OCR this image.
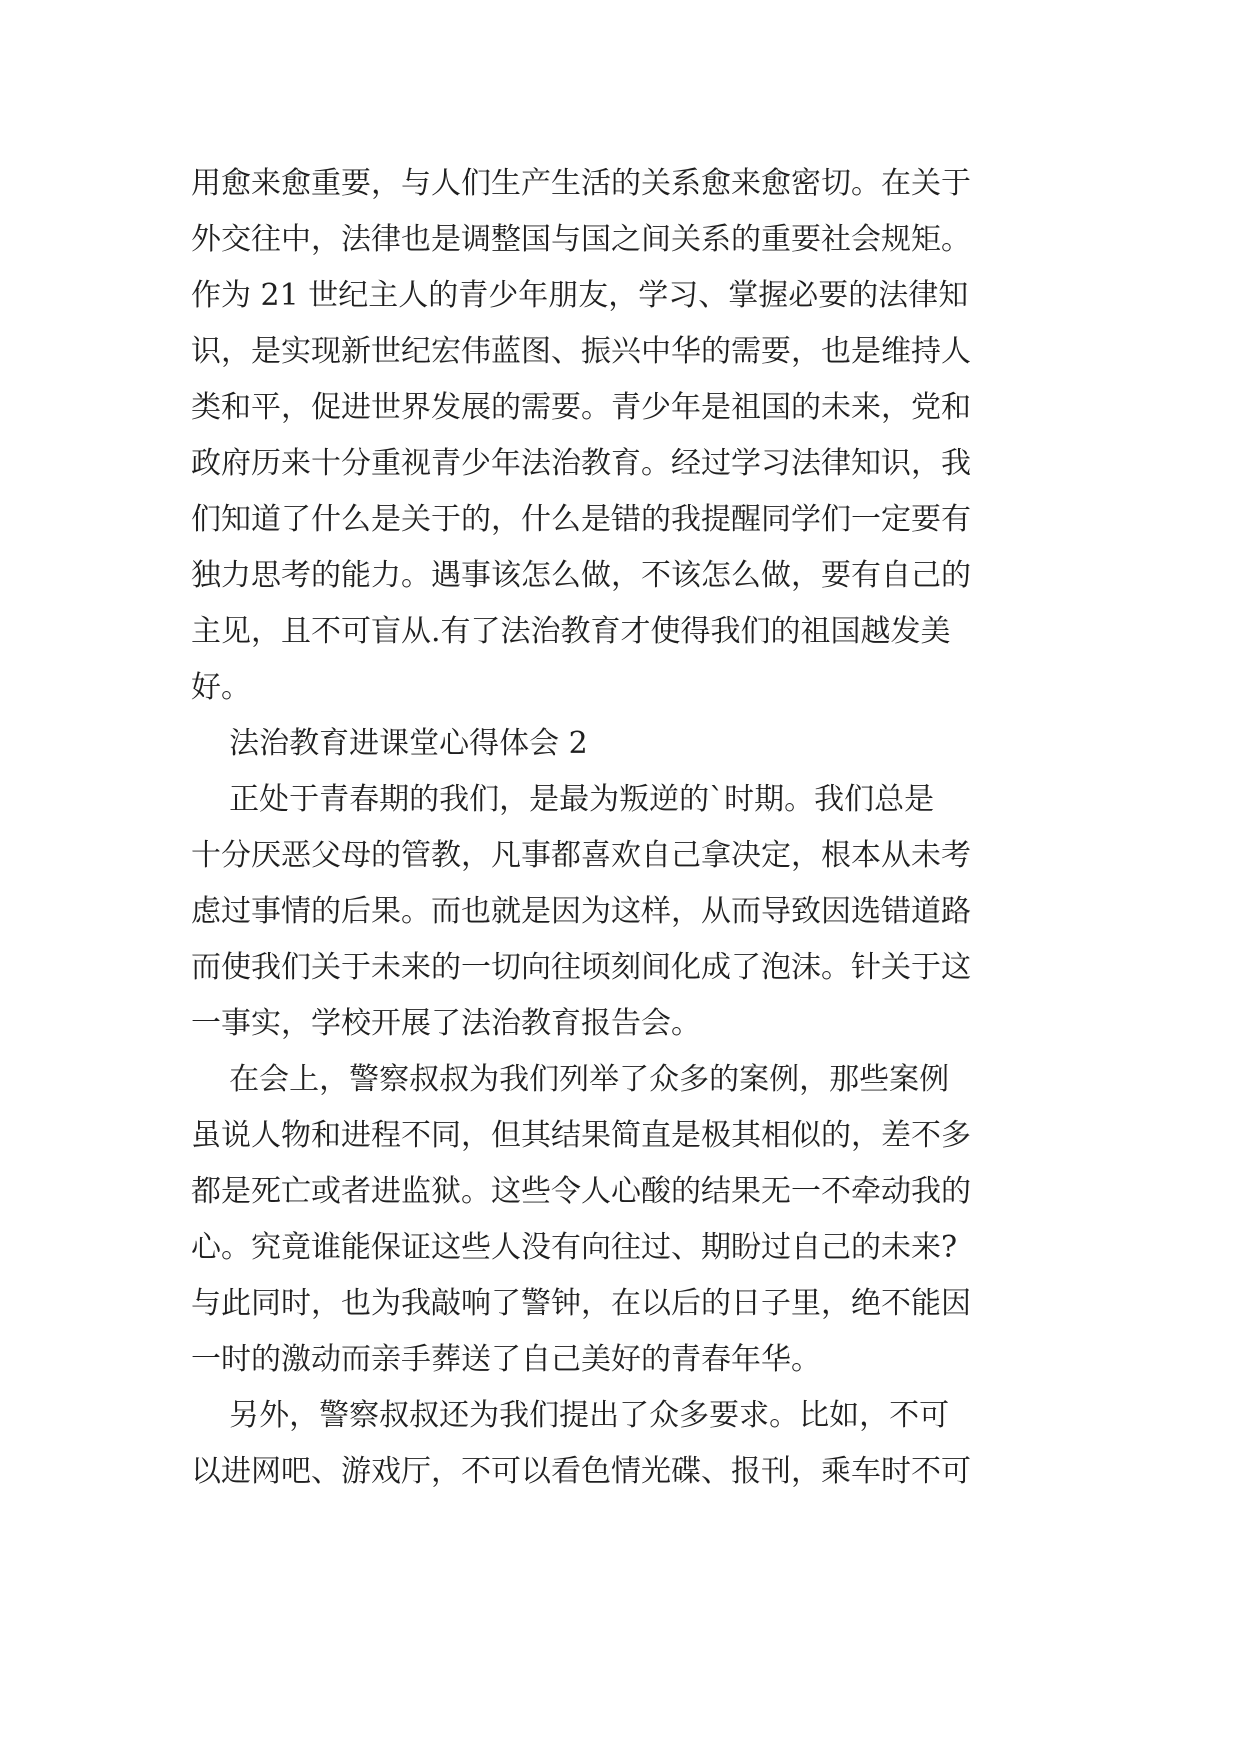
用愈来愈重要，与人们生产生活的关系愈来愈密切。在关于
外交往中，法律也是调整国与国之间关系的重要社会规矩。
作为 21 世纪主人的青少年朋友，学习、掌握必要的法律知
识，是实现新世纪宏伟蓝图、振兴中华的需要，也是维持人
类和平，促进世界发展的需要。青少年是祖国的未来，党和
政府历来十分重视青少年法治教育。经过学习法律知识，我
们知道了什么是关于的，什么是错的我提醒同学们一定要有
独力思考的能力。遇事该怎么做，不该怎么做，要有自己的
主见，且不可盲从.有了法治教育才使得我们的祖国越发美
好。
法治教育进课堂心得体会 2
正处于青春期的我们，是最为叛逆的`时期。我们总是
十分厌恶父母的管教，凡事都喜欢自己拿决定，根本从未考
虑过事情的后果。而也就是因为这样，从而导致因选错道路
而使我们关于未来的一切向往顷刻间化成了泡沫。针关于这
一事实，学校开展了法治教育报告会。
在会上，警察叔叔为我们列举了众多的案例，那些案例
虽说人物和进程不同，但其结果简直是极其相似的，差不多
都是死亡或者进监狱。这些令人心酸的结果无一不牵动我的
心。究竟谁能保证这些人没有向往过、期盼过自己的未来?
与此同时，也为我敲响了警钟，在以后的日子里，绝不能因
一时的激动而亲手葬送了自己美好的青春年华。
另外，警察叔叔还为我们提出了众多要求。比如，不可
以进网吧、游戏厅，不可以看色情光碟、报刊，乘车时不可
